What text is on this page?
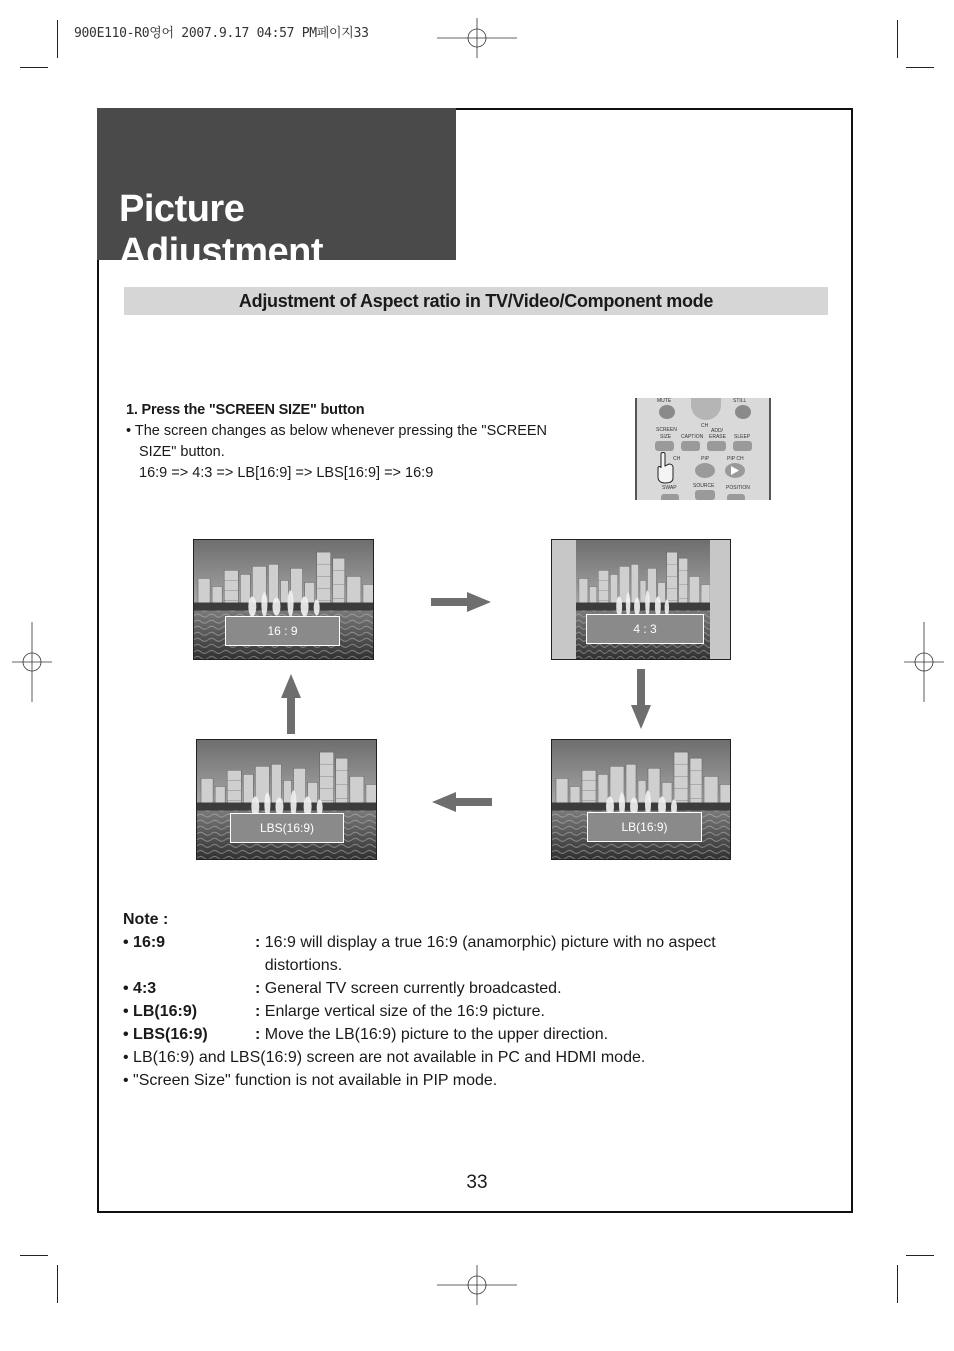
900E110-R0영어 2007.9.17 04:57 PM페이지33
Picture Adjustment
Adjustment of Aspect ratio in TV/Video/Component mode
1. Press the "SCREEN SIZE" button
• The screen changes as below whenever pressing the "SCREEN
SIZE" button.
16:9 => 4:3 => LB[16:9] => LBS[16:9] => 16:9
MUTE	STILL
CH
SCREEN	ADD/
SIZE CAPTION ERASE SLEEP
CH	PIP	PIP CH
SWAP	SOURCE POSITION
16 : 9	4 : 3
LBS(16:9)	LB(16:9)
Note :
• 16:9	: 16:9 will display a true 16:9 (anamorphic) picture with no aspect distortions.
• 4:3	: General TV screen currently broadcasted.
• LB(16:9)	: Enlarge vertical size of the 16:9 picture.
• LBS(16:9)	: Move the LB(16:9) picture to the upper direction.
• LB(16:9) and LBS(16:9) screen are not available in PC and HDMI mode.
• "Screen Size" function is not available in PIP mode.
33
